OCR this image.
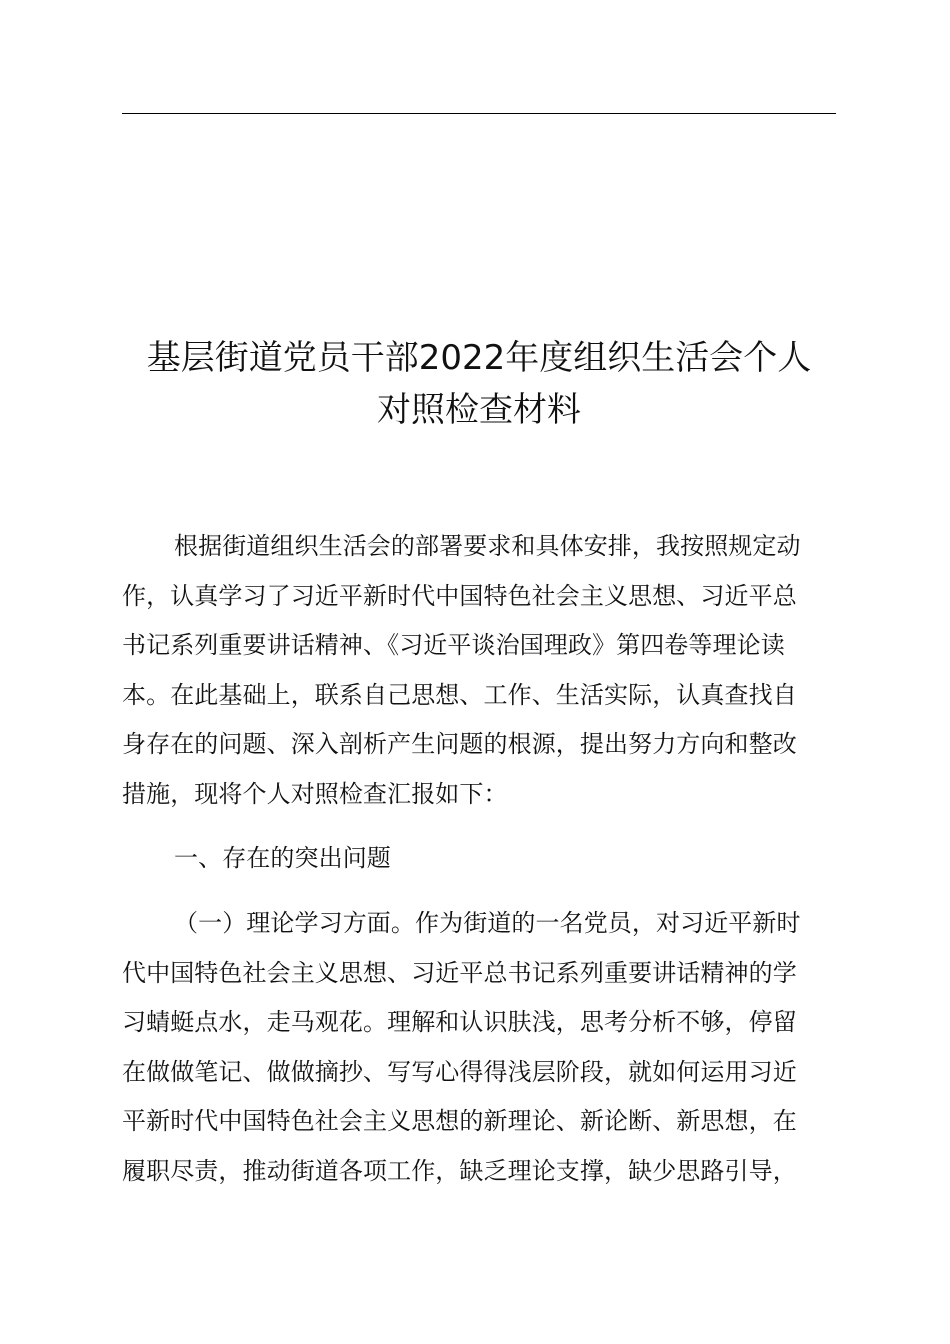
基层街道党员干部2022年度组织生活会个人
对照检查材料
根据街道组织生活会的部署要求和具体安排，我按照规定动
作，认真学习了习近平新时代中国特色社会主义思想、习近平总
书记系列重要讲话精神、《习近平谈治国理政》第四卷等理论读
本。在此基础上，联系自己思想、工作、生活实际，认真查找自
身存在的问题、深入剖析产生问题的根源，提出努力方向和整改
措施，现将个人对照检查汇报如下：
一、存在的突出问题
（一）理论学习方面。作为街道的一名党员，对习近平新时
代中国特色社会主义思想、习近平总书记系列重要讲话精神的学
习蜻蜓点水，走马观花。理解和认识肤浅，思考分析不够，停留
在做做笔记、做做摘抄、写写心得得浅层阶段，就如何运用习近
平新时代中国特色社会主义思想的新理论、新论断、新思想，在
履职尽责，推动街道各项工作，缺乏理论支撑，缺少思路引导，
